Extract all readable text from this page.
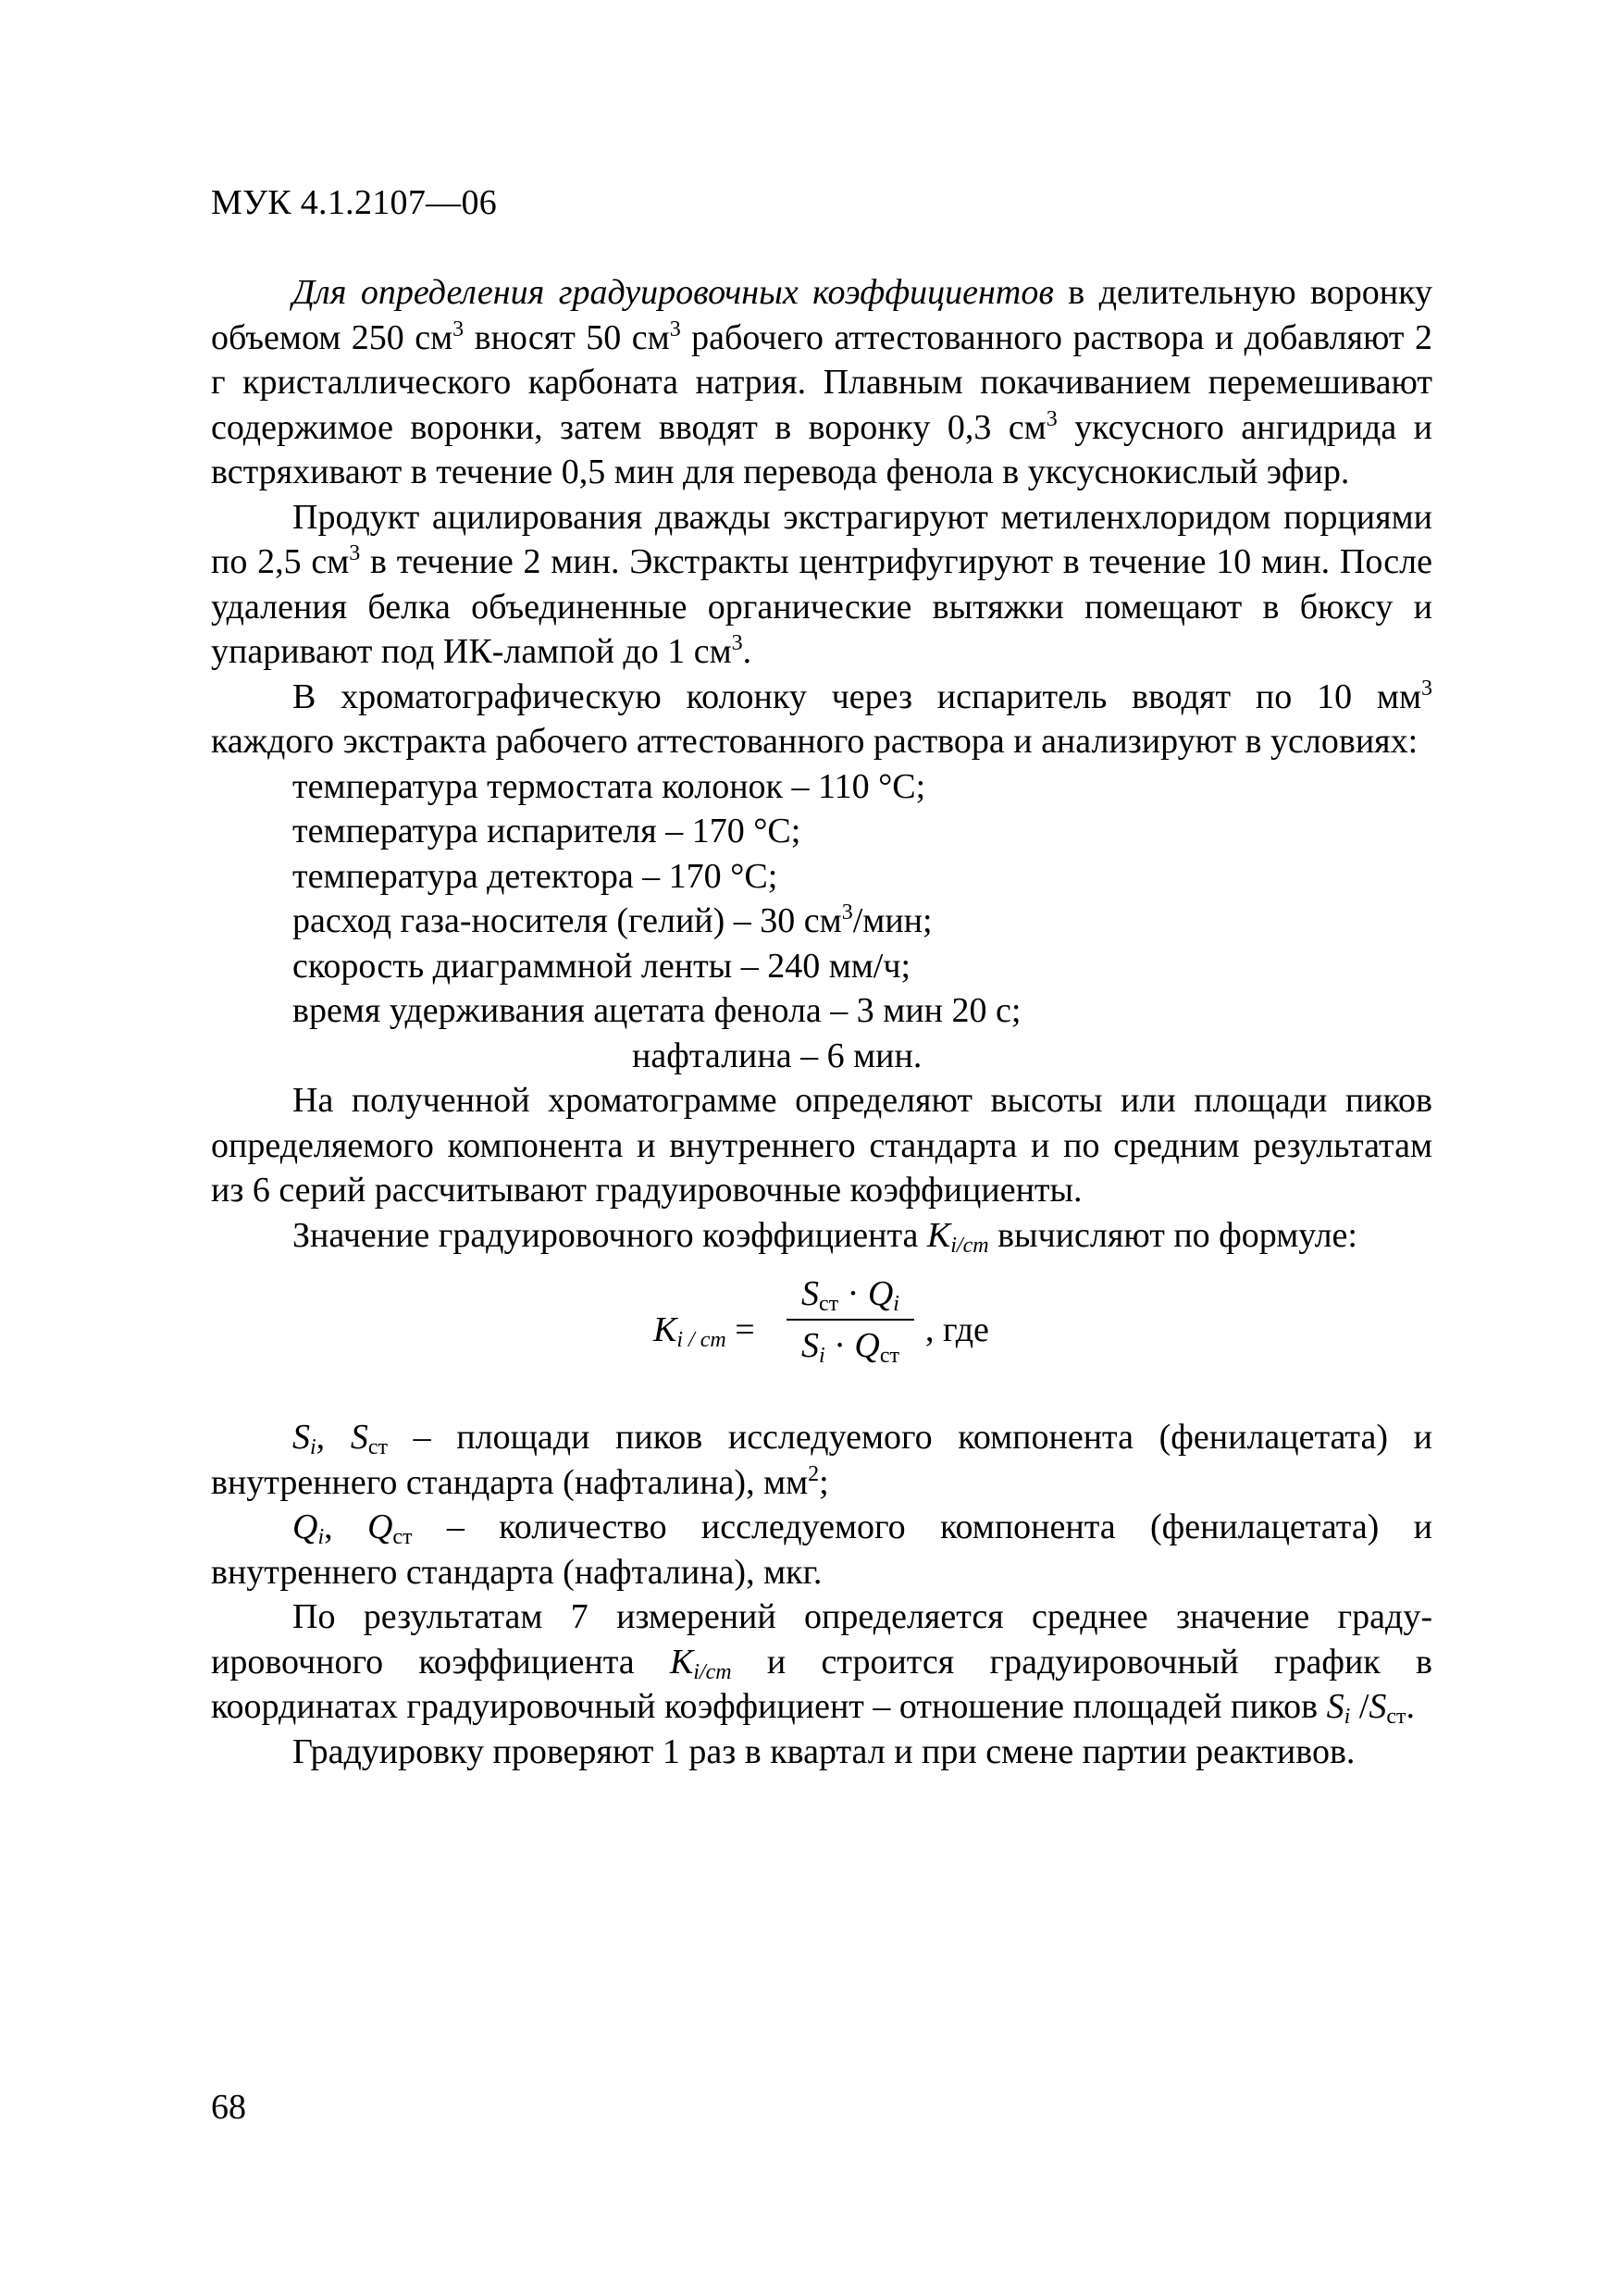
МУК 4.1.2107—06

Для определения градуировочных коэффициентов в делительную воронку объемом 250 $см^3$ вносят 50 $см^3$ рабочего аттестованного раствора и добавляют 2 г кристаллического карбоната натрия. Плавным покачиванием перемешивают содержимое воронки, затем вводят в воронку 0,3 $см^3$ уксусного ангидрида и встряхивают в течение 0,5 мин для перевода фенола в уксуснокислый эфир.

Продукт ацилирования дважды экстрагируют метиленхлоридом порциями по 2,5 $см^3$ в течение 2 мин. Экстракты центрифугируют в течение 10 мин. После удаления белка объединенные органические вытяжки помещают в бюксу и упаривают под ИК-лампой до 1 $см^3$.

В хроматографическую колонку через испаритель вводят по 10 $мм^3$ каждого экстракта рабочего аттестованного раствора и анализируют в условиях:

температура термостата колонок – 110 °С;
температура испарителя – 170 °С;
температура детектора – 170 °С;
расход газа-носителя (гелий) – 30 $см^3$/мин;
скорость диаграммной ленты – 240 мм/ч;
время удерживания ацетата фенола – 3 мин 20 с;
нафталина – 6 мин.

На полученной хроматограмме определяют высоты или площади пиков определяемого компонента и внутреннего стандарта и по средним результатам из 6 серий рассчитывают градуировочные коэффициенты.

Значение градуировочного коэффициента $K_{i/ст}$ вычисляют по формуле:

$K_{i / ст}$ =
$S_{ст} \cdot Q_i$
$S_i \cdot Q_{ст}$
, где

$S_i$, $S_{ст}$ – площади пиков исследуемого компонента (фенилацетата) и внутреннего стандарта (нафталина), $мм^2$;

$Q_i$, $Q_{ст}$ – количество исследуемого компонента (фенилацетата) и внутреннего стандарта (нафталина), мкг.

По результатам 7 измерений определяется среднее значение градуировочного коэффициента $K_{i/ст}$ и строится градуировочный график в координатах градуировочный коэффициент – отношение площадей пиков $S_i$ $/S_{ст}$.

Градуировку проверяют 1 раз в квартал и при смене партии реактивов.

68
